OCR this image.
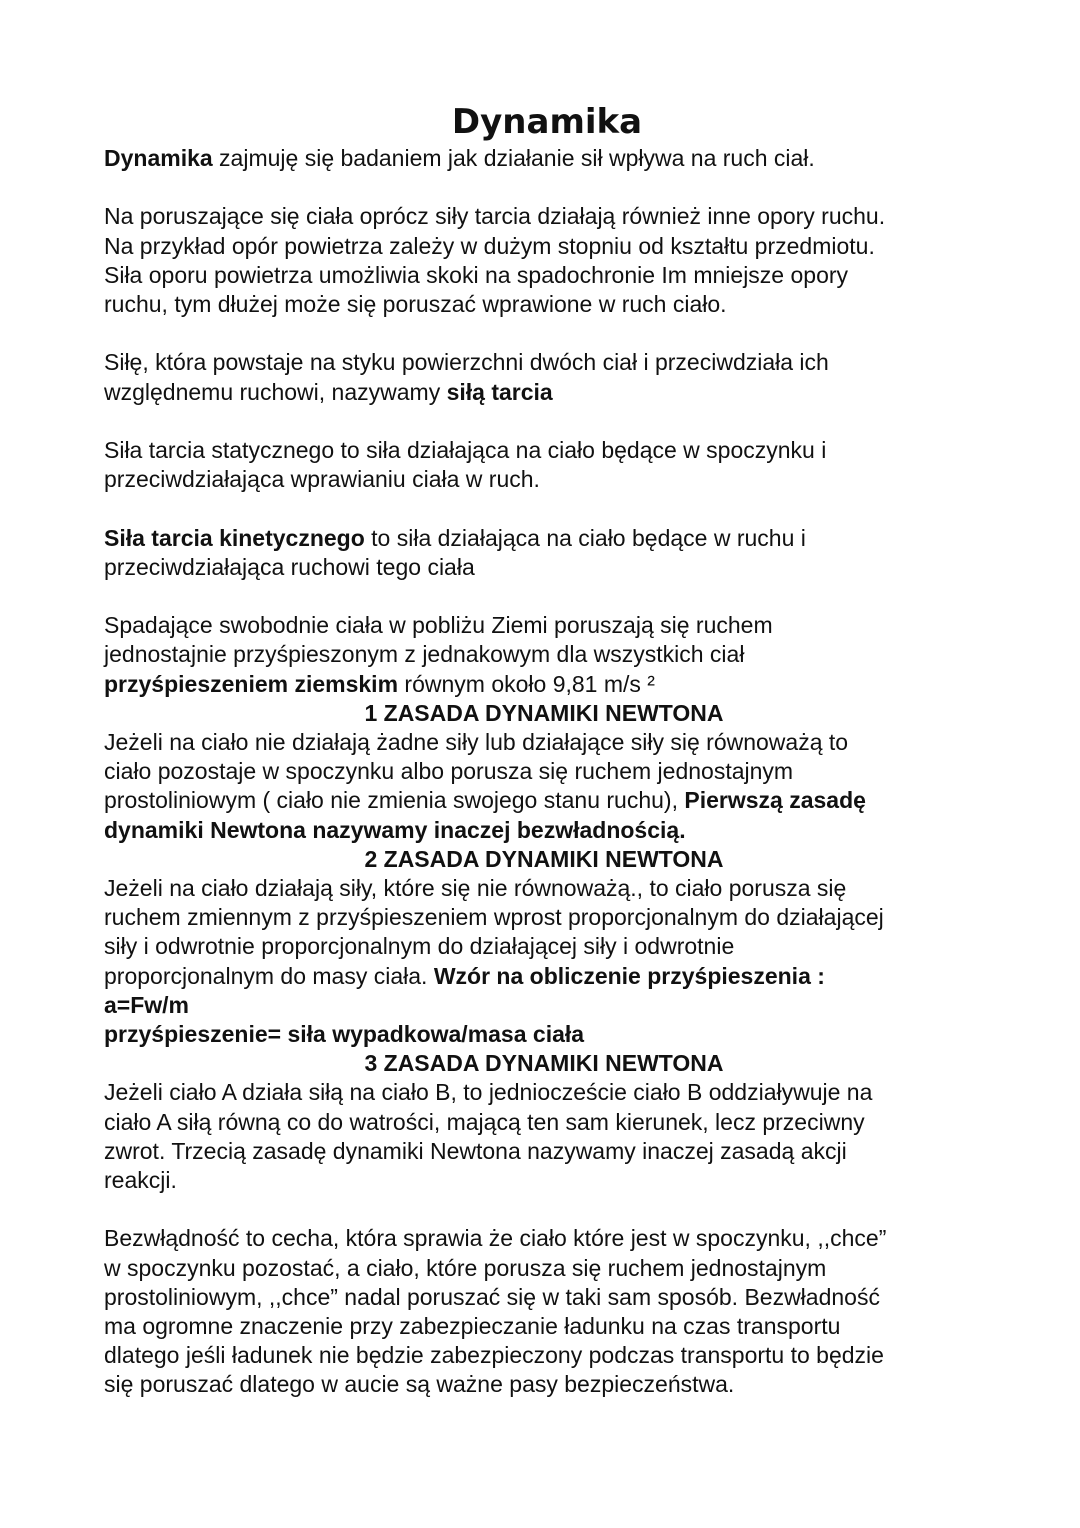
Dynamika

Dynamika zajmuję się badaniem jak działanie sił wpływa na ruch ciał.

Na poruszające się ciała oprócz siły tarcia działają również inne opory ruchu.
Na przykład opór powietrza zależy w dużym stopniu od kształtu przedmiotu.
Siła oporu powietrza umożliwia skoki na spadochronie Im mniejsze opory
ruchu, tym dłużej może się poruszać wprawione w ruch ciało.

Siłę, która powstaje na styku powierzchni dwóch ciał i przeciwdziała ich
względnemu ruchowi, nazywamy siłą tarcia

Siła tarcia statycznego to siła działająca na ciało będące w spoczynku i
przeciwdziałająca wprawianiu ciała w ruch.

Siła tarcia kinetycznego to siła działająca na ciało będące w ruchu i
przeciwdziałająca ruchowi tego ciała

Spadające swobodnie ciała w pobliżu Ziemi poruszają się ruchem
jednostajnie przyśpieszonym z jednakowym dla wszystkich ciał
przyśpieszeniem ziemskim równym około 9,81 m/s ²

1 ZASADA DYNAMIKI NEWTONA

Jeżeli na ciało nie działają żadne siły lub działające siły się równoważą to
ciało pozostaje w spoczynku albo porusza się ruchem jednostajnym
prostoliniowym ( ciało nie zmienia swojego stanu ruchu), Pierwszą zasadę
dynamiki Newtona nazywamy inaczej bezwładnością.

2 ZASADA DYNAMIKI NEWTONA

Jeżeli na ciało działają siły, które się nie równoważą., to ciało porusza się
ruchem zmiennym z przyśpieszeniem wprost proporcjonalnym do działającej
siły i odwrotnie proporcjonalnym do działającej siły i odwrotnie
proporcjonalnym do masy ciała. Wzór na obliczenie przyśpieszenia :
a=Fw/m
przyśpieszenie= siła wypadkowa/masa ciała

3 ZASADA DYNAMIKI NEWTONA

Jeżeli ciało A działa siłą na ciało B, to jednioczeście ciało B oddziaływuje na
ciało A siłą równą co do watrości, mającą ten sam kierunek, lecz przeciwny
zwrot. Trzecią zasadę dynamiki Newtona nazywamy inaczej zasadą akcji
reakcji.

Bezwłądność to cecha, która sprawia że ciało które jest w spoczynku, ,,chce”
w spoczynku pozostać, a ciało, które porusza się ruchem jednostajnym
prostoliniowym, ,,chce” nadal poruszać się w taki sam sposób. Bezwładność
ma ogromne znaczenie przy zabezpieczanie ładunku na czas transportu
dlatego jeśli ładunek nie będzie zabezpieczony podczas transportu to będzie
się poruszać dlatego w aucie są ważne pasy bezpieczeństwa.
